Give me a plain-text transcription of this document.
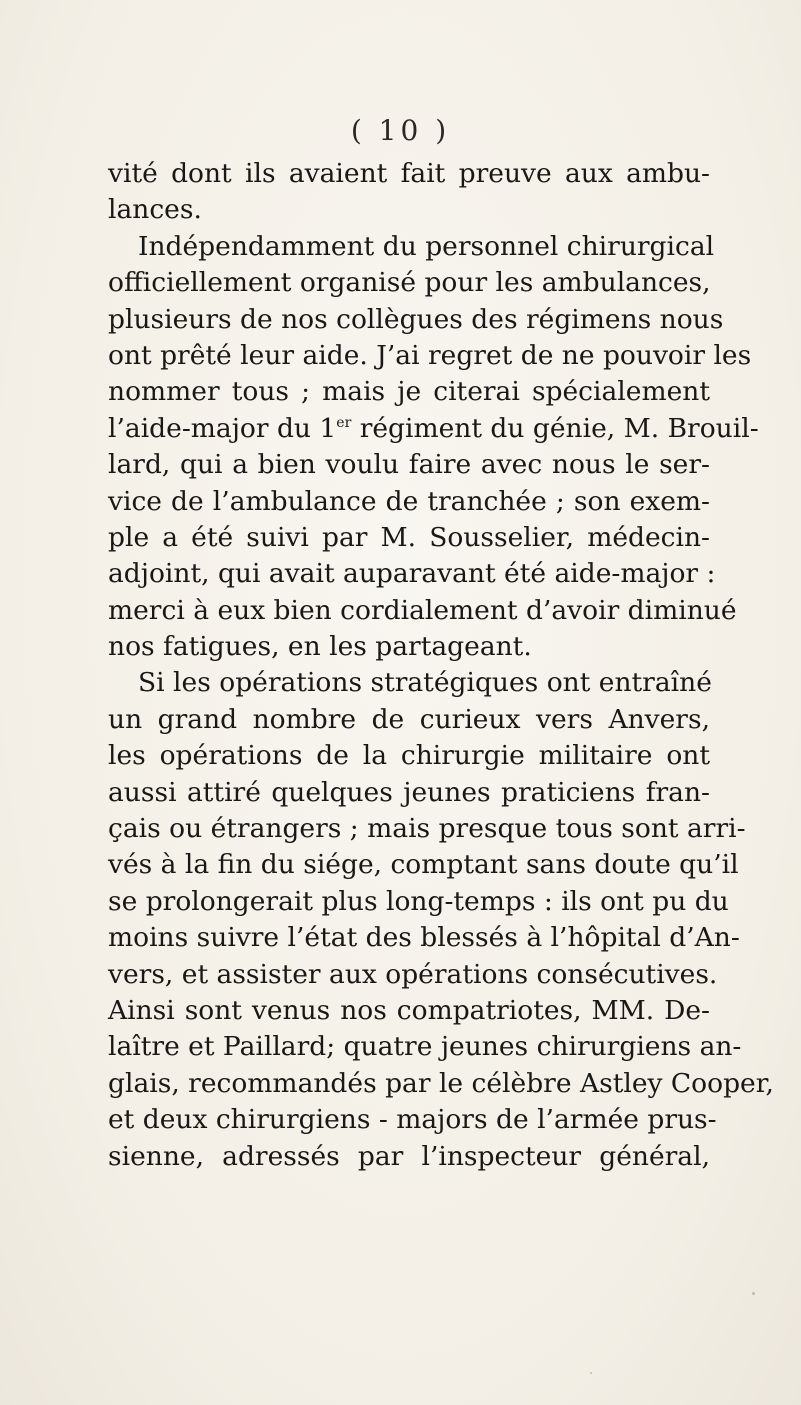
( 10 )
vité dont ils avaient fait preuve aux ambu-
lances.
Indépendamment du personnel chirurgical
officiellement organisé pour les ambulances,
plusieurs de nos collègues des régimens nous
ont prêté leur aide. J’ai regret de ne pouvoir les
nommer tous ; mais je citerai spécialement
l’aide-major du 1er régiment du génie, M. Brouil-
lard, qui a bien voulu faire avec nous le ser-
vice de l’ambulance de tranchée ; son exem-
ple a été suivi par M. Sousselier, médecin-
adjoint, qui avait auparavant été aide-major :
merci à eux bien cordialement d’avoir diminué
nos fatigues, en les partageant.
Si les opérations stratégiques ont entraîné
un grand nombre de curieux vers Anvers,
les opérations de la chirurgie militaire ont
aussi attiré quelques jeunes praticiens fran-
çais ou étrangers ; mais presque tous sont arri-
vés à la fin du siége, comptant sans doute qu’il
se prolongerait plus long-temps : ils ont pu du
moins suivre l’état des blessés à l’hôpital d’An-
vers, et assister aux opérations consécutives.
Ainsi sont venus nos compatriotes, MM. De-
laître et Paillard; quatre jeunes chirurgiens an-
glais, recommandés par le célèbre Astley Cooper,
et deux chirurgiens - majors de l’armée prus-
sienne, adressés par l’inspecteur général,
